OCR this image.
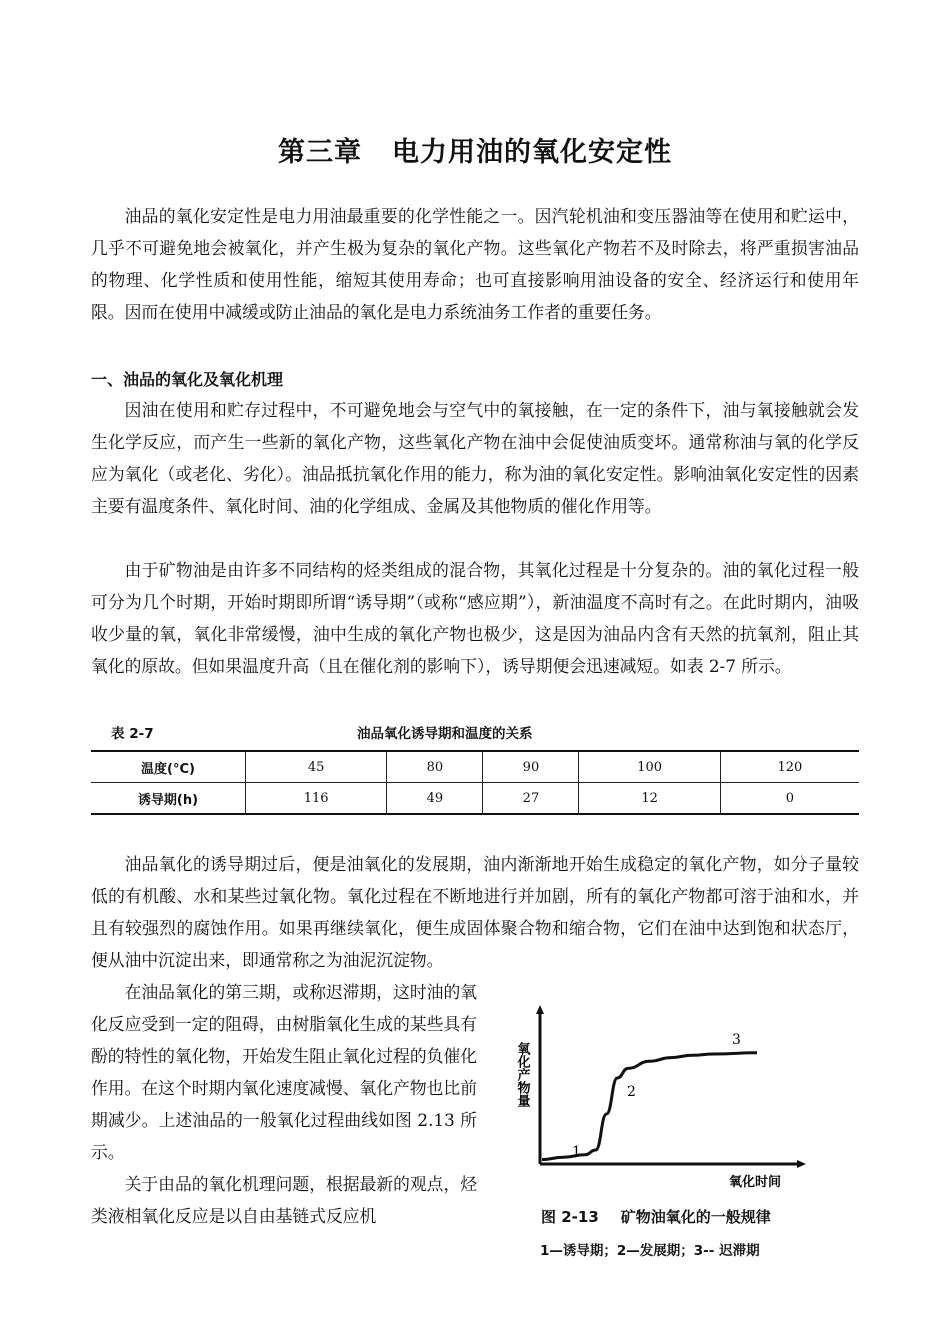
第三章 电力用油的氧化安定性

油品的氧化安定性是电力用油最重要的化学性能之一。因汽轮机油和变压器油等在使用和贮运中，几乎不可避免地会被氧化，并产生极为复杂的氧化产物。这些氧化产物若不及时除去，将严重损害油品的物理、化学性质和使用性能，缩短其使用寿命；也可直接影响用油设备的安全、经济运行和使用年限。因而在使用中减缓或防止油品的氧化是电力系统油务工作者的重要任务。

一、油品的氧化及氧化机理

因油在使用和贮存过程中，不可避免地会与空气中的氧接触，在一定的条件下，油与氧接触就会发生化学反应，而产生一些新的氧化产物，这些氧化产物在油中会促使油质变坏。通常称油与氧的化学反应为氧化（或老化、劣化）。油品抵抗氧化作用的能力，称为油的氧化安定性。影响油氧化安定性的因素主要有温度条件、氧化时间、油的化学组成、金属及其他物质的催化作用等。

由于矿物油是由许多不同结构的烃类组成的混合物，其氧化过程是十分复杂的。油的氧化过程一般可分为几个时期，开始时期即所谓“诱导期”（或称“感应期”），新油温度不高时有之。在此时期内，油吸收少量的氧，氧化非常缓慢，油中生成的氧化产物也极少，这是因为油品内含有天然的抗氧剂，阻止其氧化的原故。但如果温度升高（且在催化剂的影响下），诱导期便会迅速减短。如表 2-7 所示。

表 2-7	油品氧化诱导期和温度的关系
温度(°C)	45	80	90	100	120
诱导期(h)	116	49	27	12	0

油品氧化的诱导期过后，便是油氧化的发展期，油内渐渐地开始生成稳定的氧化产物，如分子量较低的有机酸、水和某些过氧化物。氧化过程在不断地进行并加剧，所有的氧化产物都可溶于油和水，并且有较强烈的腐蚀作用。如果再继续氧化，便生成固体聚合物和缩合物，它们在油中达到饱和状态厅，便从油中沉淀出来，即通常称之为油泥沉淀物。

在油品氧化的第三期，或称迟滞期，这时油的氧化反应受到一定的阻碍，由树脂氧化生成的某些具有酚的特性的氧化物，开始发生阻止氧化过程的负催化作用。在这个时期内氧化速度减慢、氧化产物也比前期减少。上述油品的一般氧化过程曲线如图 2.13 所示。

关于由品的氧化机理问题，根据最新的观点，烃类液相氧化反应是以自由基链式反应机

1
2
3
氧化时间
氧化产物量
图 2-13 矿物油氧化的一般规律
1—诱导期；2—发展期；3-- 迟滞期
